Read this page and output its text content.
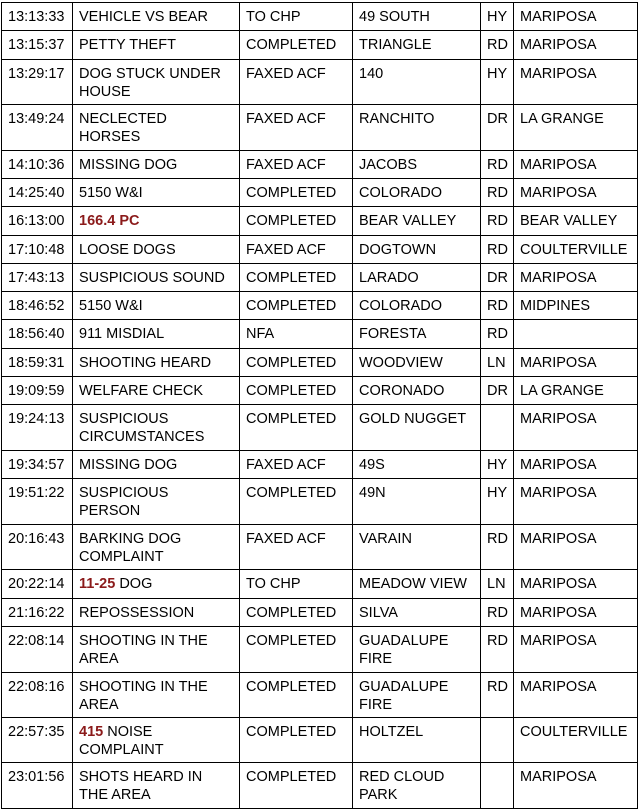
13:13:33	VEHICLE VS BEAR	TO CHP	49 SOUTH	HY	MARIPOSA
13:15:37	PETTY THEFT	COMPLETED	TRIANGLE	RD	MARIPOSA
13:29:17	DOG STUCK UNDER
HOUSE	FAXED ACF	140	HY	MARIPOSA
13:49:24	NECLECTED
HORSES	FAXED ACF	RANCHITO	DR	LA GRANGE
14:10:36	MISSING DOG	FAXED ACF	JACOBS	RD	MARIPOSA
14:25:40	5150 W&I	COMPLETED	COLORADO	RD	MARIPOSA
16:13:00	166.4 PC	COMPLETED	BEAR VALLEY	RD	BEAR VALLEY
17:10:48	LOOSE DOGS	FAXED ACF	DOGTOWN	RD	COULTERVILLE
17:43:13	SUSPICIOUS SOUND	COMPLETED	LARADO	DR	MARIPOSA
18:46:52	5150 W&I	COMPLETED	COLORADO	RD	MIDPINES
18:56:40	911 MISDIAL	NFA	FORESTA	RD	
18:59:31	SHOOTING HEARD	COMPLETED	WOODVIEW	LN	MARIPOSA
19:09:59	WELFARE CHECK	COMPLETED	CORONADO	DR	LA GRANGE
19:24:13	SUSPICIOUS
CIRCUMSTANCES	COMPLETED	GOLD NUGGET		MARIPOSA
19:34:57	MISSING DOG	FAXED ACF	49S	HY	MARIPOSA
19:51:22	SUSPICIOUS
PERSON	COMPLETED	49N	HY	MARIPOSA
20:16:43	BARKING DOG
COMPLAINT	FAXED ACF	VARAIN	RD	MARIPOSA
20:22:14	11-25 DOG	TO CHP	MEADOW VIEW	LN	MARIPOSA
21:16:22	REPOSSESSION	COMPLETED	SILVA	RD	MARIPOSA
22:08:14	SHOOTING IN THE
AREA	COMPLETED	GUADALUPE
FIRE	RD	MARIPOSA
22:08:16	SHOOTING IN THE
AREA	COMPLETED	GUADALUPE
FIRE	RD	MARIPOSA
22:57:35	415 NOISE
COMPLAINT	COMPLETED	HOLTZEL		COULTERVILLE
23:01:56	SHOTS HEARD IN
THE AREA	COMPLETED	RED CLOUD
PARK		MARIPOSA
